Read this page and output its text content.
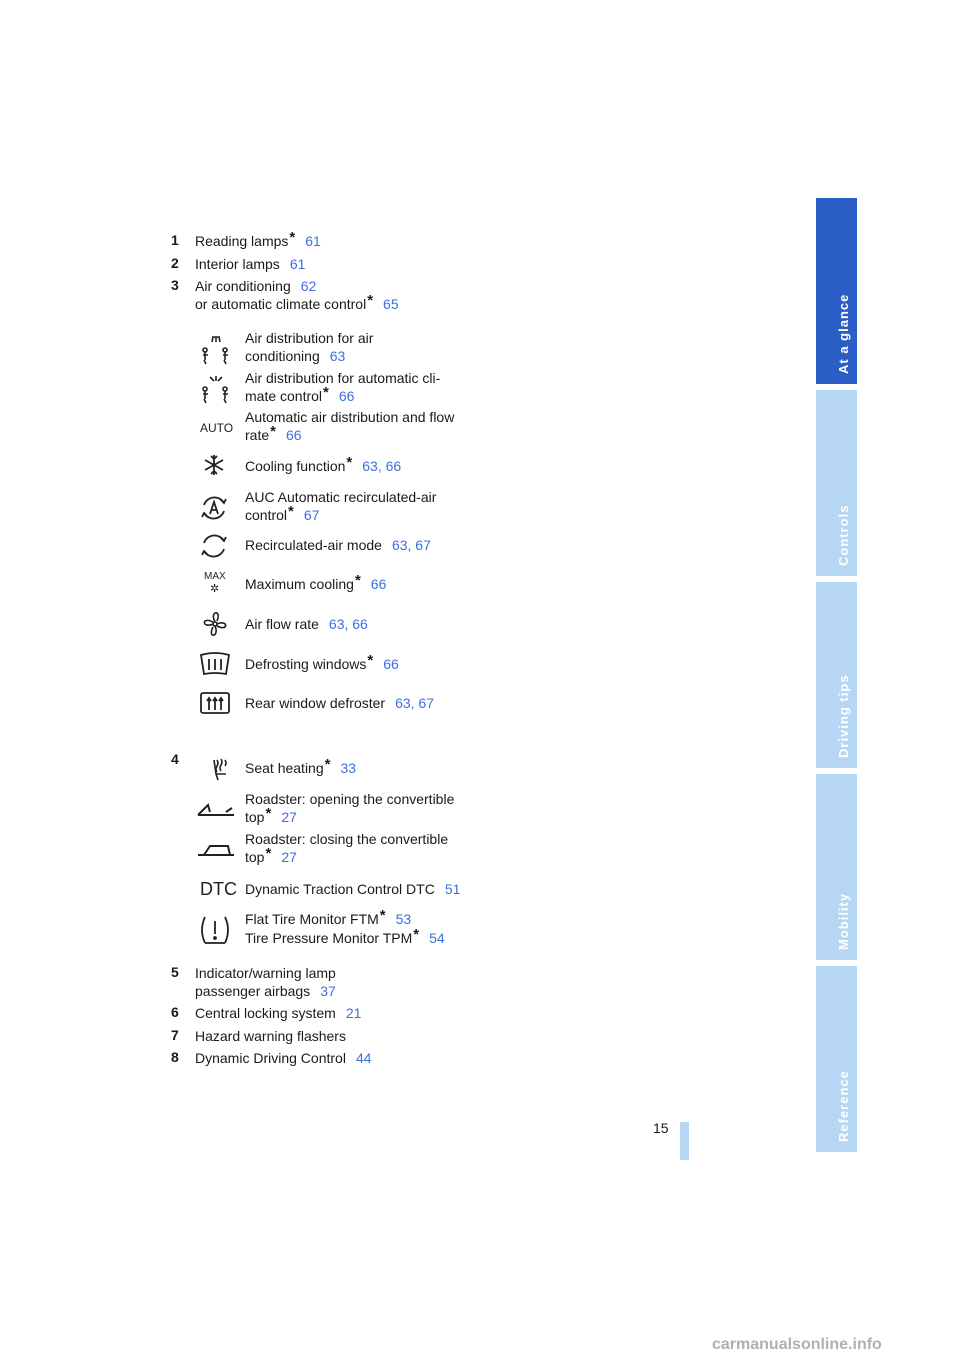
1 Reading lamps* 61
2 Interior lamps 61
3 Air conditioning 62
or automatic climate control* 65
Air distribution for air
conditioning 63
Air distribution for automatic cli-
mate control* 66
AUTO
Automatic air distribution and flow
rate* 66
Cooling function* 63, 66
AUC Automatic recirculated-air
control* 67
Recirculated-air mode 63, 67
MAX
✲	Maximum cooling* 66
Air flow rate 63, 66
Defrosting windows* 66
Rear window defroster 63, 67
4
Seat heating* 33
Roadster: opening the convertible
top* 27
Roadster: closing the convertible
top* 27
DTC Dynamic Traction Control DTC 51
Flat Tire Monitor FTM* 53
Tire Pressure Monitor TPM* 54
5 Indicator/warning lamp
passenger airbags 37
6 Central locking system 21
7 Hazard warning flashers
8 Dynamic Driving Control 44
At a glance
Controls
Driving tips
Mobility
Reference
15
carmanualsonline.info
